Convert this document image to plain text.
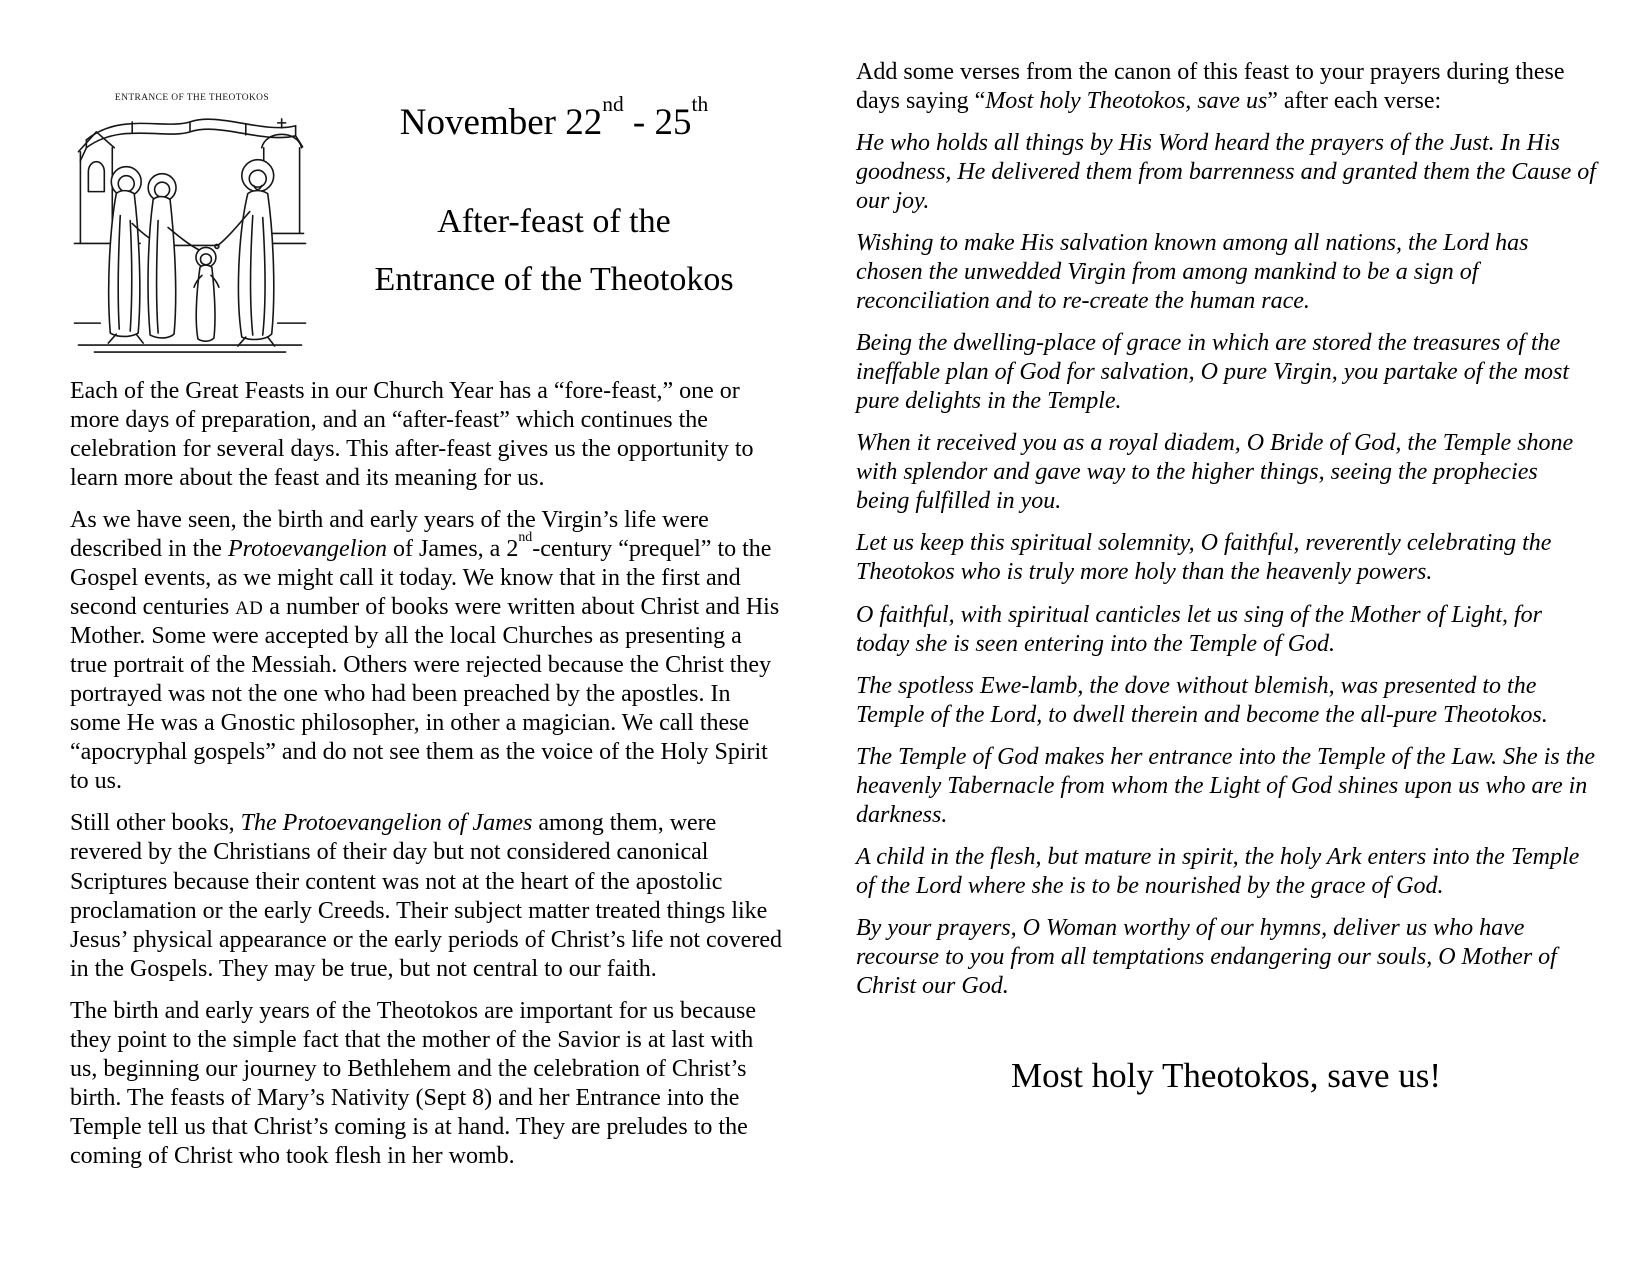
ENTRANCE OF THE THEOTOKOS
November 22nd - 25th
After-feast of the
Entrance of the Theotokos

Each of the Great Feasts in our Church Year has a “fore-feast,” one or more days of preparation, and an “after-feast” which continues the celebration for several days. This after-feast gives us the opportunity to learn more about the feast and its meaning for us.

As we have seen, the birth and early years of the Virgin’s life were described in the Protoevangelion of James, a 2nd-century “prequel” to the Gospel events, as we might call it today. We know that in the first and second centuries AD a number of books were written about Christ and His Mother. Some were accepted by all the local Churches as presenting a true portrait of the Messiah. Others were rejected because the Christ they portrayed was not the one who had been preached by the apostles. In some He was a Gnostic philosopher, in other a magician. We call these “apocryphal gospels” and do not see them as the voice of the Holy Spirit to us.

Still other books, The Protoevangelion of James among them, were revered by the Christians of their day but not considered canonical Scriptures because their content was not at the heart of the apostolic proclamation or the early Creeds. Their subject matter treated things like Jesus’ physical appearance or the early periods of Christ’s life not covered in the Gospels. They may be true, but not central to our faith.

The birth and early years of the Theotokos are important for us because they point to the simple fact that the mother of the Savior is at last with us, beginning our journey to Bethlehem and the celebration of Christ’s birth. The feasts of Mary’s Nativity (Sept 8) and her Entrance into the Temple tell us that Christ’s coming is at hand. They are preludes to the coming of Christ who took flesh in her womb.

Add some verses from the canon of this feast to your prayers during these days saying “Most holy Theotokos, save us” after each verse:

He who holds all things by His Word heard the prayers of the Just. In His goodness, He delivered them from barrenness and granted them the Cause of our joy.

Wishing to make His salvation known among all nations, the Lord has chosen the unwedded Virgin from among mankind to be a sign of reconciliation and to re-create the human race.

Being the dwelling-place of grace in which are stored the treasures of the ineffable plan of God for salvation, O pure Virgin, you partake of the most pure delights in the Temple.

When it received you as a royal diadem, O Bride of God, the Temple shone with splendor and gave way to the higher things, seeing the prophecies being fulfilled in you.

Let us keep this spiritual solemnity, O faithful, reverently celebrating the Theotokos who is truly more holy than the heavenly powers.

O faithful, with spiritual canticles let us sing of the Mother of Light, for today she is seen entering into the Temple of God.

The spotless Ewe-lamb, the dove without blemish, was presented to the Temple of the Lord, to dwell therein and become the all-pure Theotokos.

The Temple of God makes her entrance into the Temple of the Law. She is the heavenly Tabernacle from whom the Light of God shines upon us who are in darkness.

A child in the flesh, but mature in spirit, the holy Ark enters into the Temple of the Lord where she is to be nourished by the grace of God.

By your prayers, O Woman worthy of our hymns, deliver us who have recourse to you from all temptations endangering our souls, O Mother of Christ our God.

Most holy Theotokos, save us!
